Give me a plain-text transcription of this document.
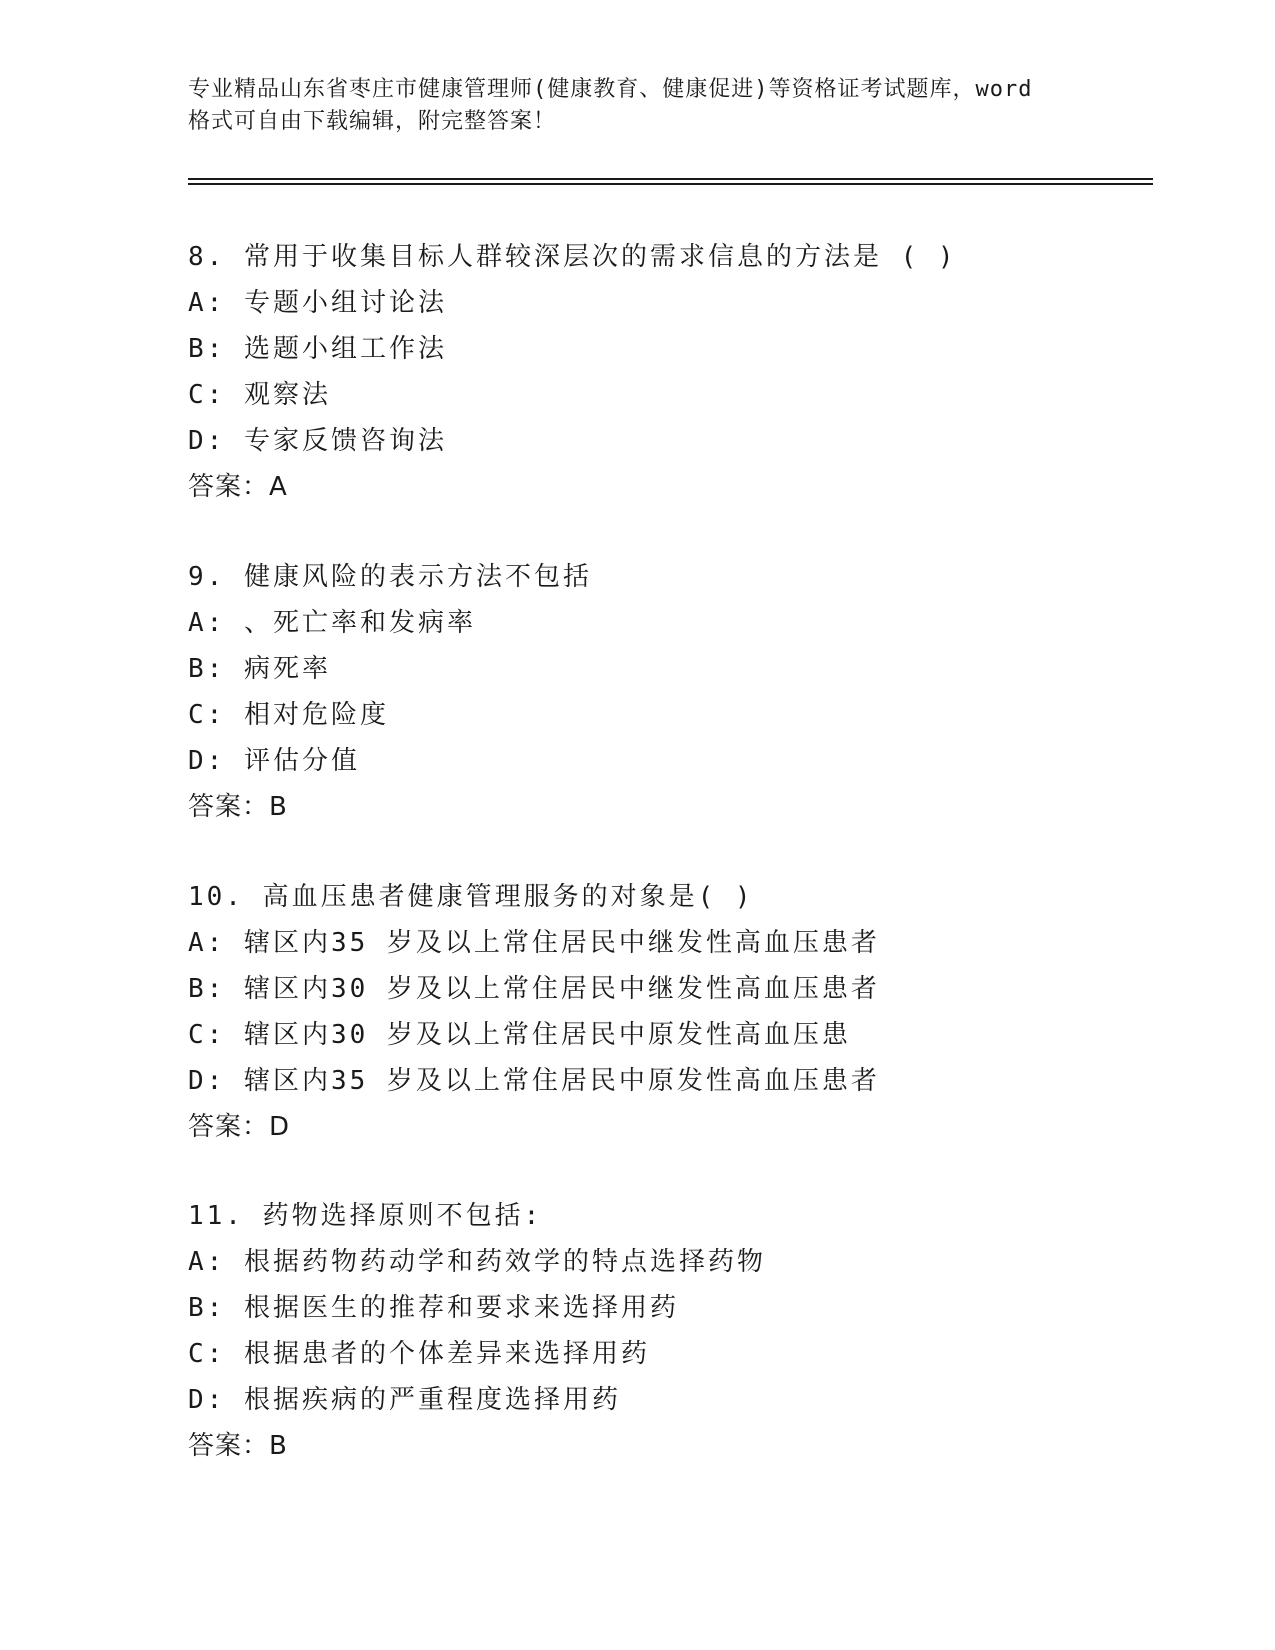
专业精品山东省枣庄市健康管理师(健康教育、健康促进)等资格证考试题库，word
格式可自由下载编辑，附完整答案！
8. 常用于收集目标人群较深层次的需求信息的方法是 ( )
A: 专题小组讨论法
B: 选题小组工作法
C: 观察法
D: 专家反馈咨询法
答案：A
9. 健康风险的表示方法不包括
A: 、死亡率和发病率
B: 病死率
C: 相对危险度
D: 评估分值
答案：B
10. 高血压患者健康管理服务的对象是( )
A: 辖区内35 岁及以上常住居民中继发性高血压患者
B: 辖区内30 岁及以上常住居民中继发性高血压患者
C: 辖区内30 岁及以上常住居民中原发性高血压患
D: 辖区内35 岁及以上常住居民中原发性高血压患者
答案：D
11. 药物选择原则不包括:
A: 根据药物药动学和药效学的特点选择药物
B: 根据医生的推荐和要求来选择用药
C: 根据患者的个体差异来选择用药
D: 根据疾病的严重程度选择用药
答案：B
